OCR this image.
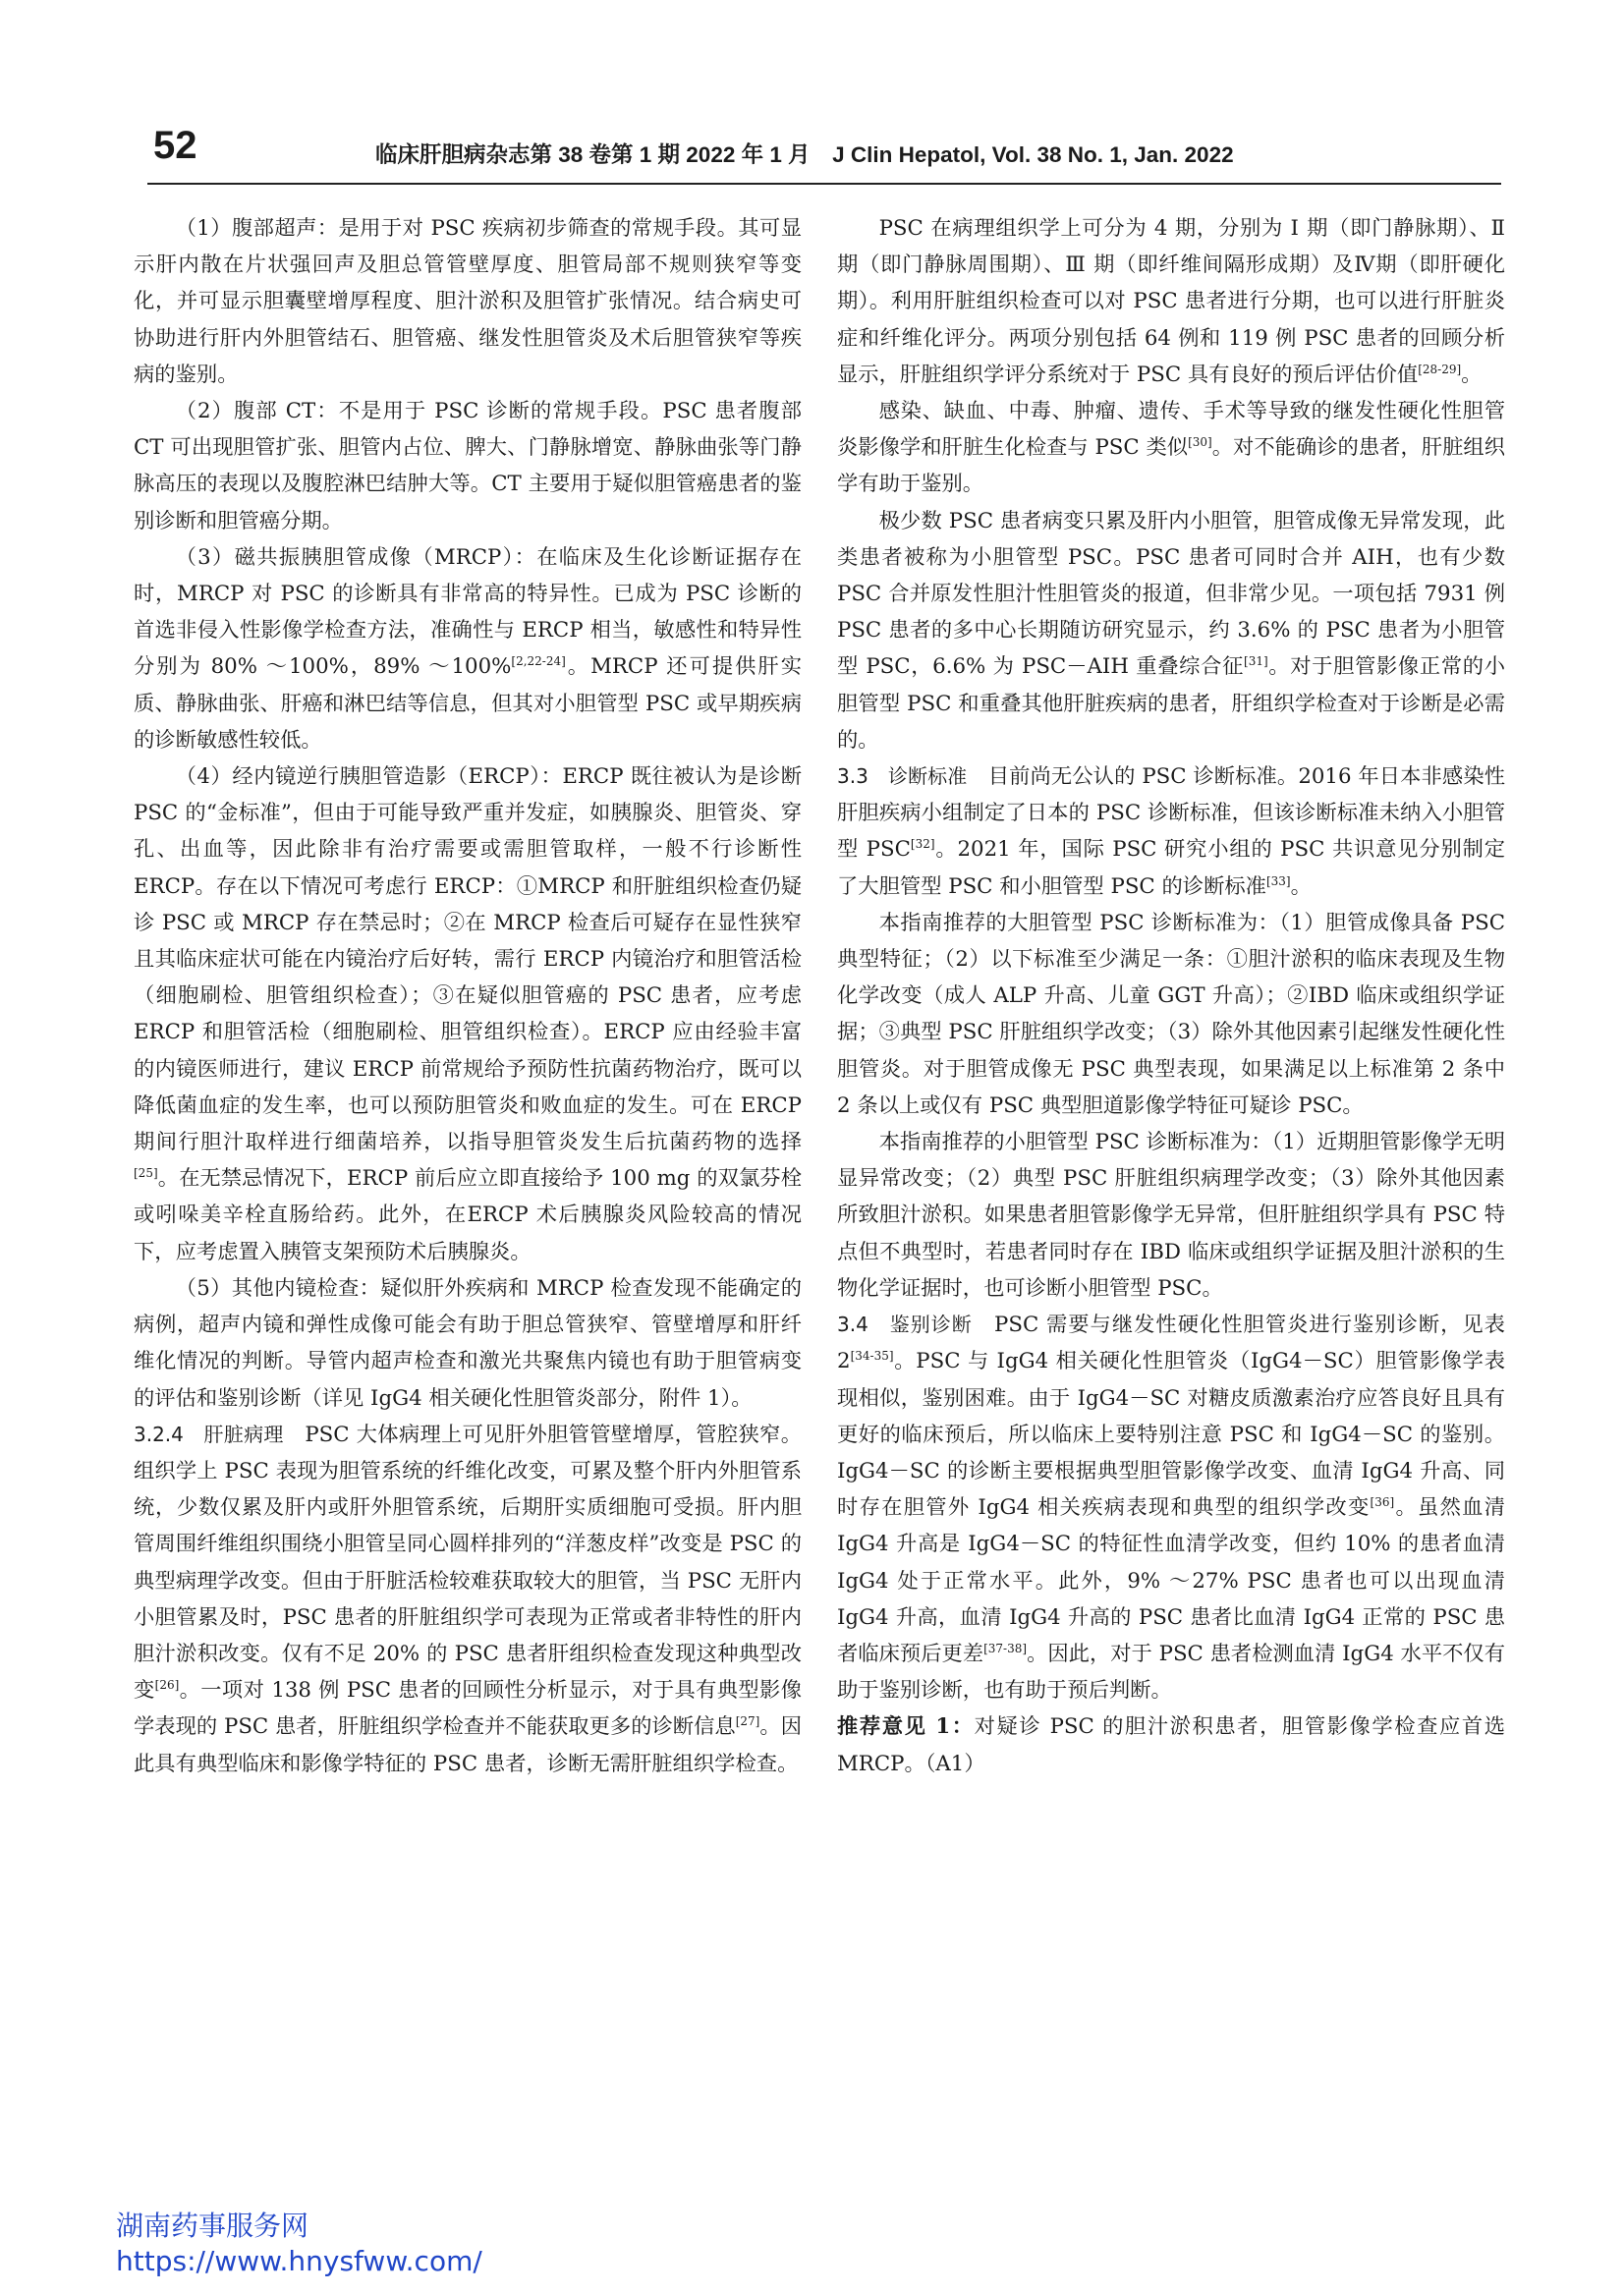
52	临床肝胆病杂志第 38 卷第 1 期 2022 年 1 月　J Clin Hepatol, Vol. 38 No. 1, Jan. 2022

（1）腹部超声：是用于对 PSC 疾病初步筛查的常规手段。其可显示肝内散在片状强回声及胆总管管壁厚度、胆管局部不规则狭窄等变化，并可显示胆囊壁增厚程度、胆汁淤积及胆管扩张情况。结合病史可协助进行肝内外胆管结石、胆管癌、继发性胆管炎及术后胆管狭窄等疾病的鉴别。

（2）腹部 CT：不是用于 PSC 诊断的常规手段。PSC 患者腹部 CT 可出现胆管扩张、胆管内占位、脾大、门静脉增宽、静脉曲张等门静脉高压的表现以及腹腔淋巴结肿大等。CT 主要用于疑似胆管癌患者的鉴别诊断和胆管癌分期。

（3）磁共振胰胆管成像（MRCP）：在临床及生化诊断证据存在时，MRCP 对 PSC 的诊断具有非常高的特异性。已成为 PSC 诊断的首选非侵入性影像学检查方法，准确性与 ERCP 相当，敏感性和特异性分别为 80% ～100%，89% ～100%[2,22-24]。MRCP 还可提供肝实质、静脉曲张、肝癌和淋巴结等信息，但其对小胆管型 PSC 或早期疾病的诊断敏感性较低。

（4）经内镜逆行胰胆管造影（ERCP）：ERCP 既往被认为是诊断 PSC 的“金标准”，但由于可能导致严重并发症，如胰腺炎、胆管炎、穿孔、出血等，因此除非有治疗需要或需胆管取样，一般不行诊断性 ERCP。存在以下情况可考虑行 ERCP：①MRCP 和肝脏组织检查仍疑诊 PSC 或 MRCP 存在禁忌时；②在 MRCP 检查后可疑存在显性狭窄且其临床症状可能在内镜治疗后好转，需行 ERCP 内镜治疗和胆管活检（细胞刷检、胆管组织检查）；③在疑似胆管癌的 PSC 患者，应考虑 ERCP 和胆管活检（细胞刷检、胆管组织检查）。ERCP 应由经验丰富的内镜医师进行，建议 ERCP 前常规给予预防性抗菌药物治疗，既可以降低菌血症的发生率，也可以预防胆管炎和败血症的发生。可在 ERCP 期间行胆汁取样进行细菌培养，以指导胆管炎发生后抗菌药物的选择[25]。在无禁忌情况下，ERCP 前后应立即直接给予 100 mg 的双氯芬栓或吲哚美辛栓直肠给药。此外，在ERCP 术后胰腺炎风险较高的情况下，应考虑置入胰管支架预防术后胰腺炎。

（5）其他内镜检查：疑似肝外疾病和 MRCP 检查发现不能确定的病例，超声内镜和弹性成像可能会有助于胆总管狭窄、管壁增厚和肝纤维化情况的判断。导管内超声检查和激光共聚焦内镜也有助于胆管病变的评估和鉴别诊断（详见 IgG4 相关硬化性胆管炎部分，附件 1）。

3.2.4　肝脏病理　PSC 大体病理上可见肝外胆管管壁增厚，管腔狭窄。组织学上 PSC 表现为胆管系统的纤维化改变，可累及整个肝内外胆管系统，少数仅累及肝内或肝外胆管系统，后期肝实质细胞可受损。肝内胆管周围纤维组织围绕小胆管呈同心圆样排列的“洋葱皮样”改变是 PSC 的典型病理学改变。但由于肝脏活检较难获取较大的胆管，当 PSC 无肝内小胆管累及时，PSC 患者的肝脏组织学可表现为正常或者非特性的肝内胆汁淤积改变。仅有不足 20% 的 PSC 患者肝组织检查发现这种典型改变[26]。一项对 138 例 PSC 患者的回顾性分析显示，对于具有典型影像学表现的 PSC 患者，肝脏组织学检查并不能获取更多的诊断信息[27]。因此具有典型临床和影像学特征的 PSC 患者，诊断无需肝脏组织学检查。

PSC 在病理组织学上可分为 4 期，分别为 Ⅰ 期（即门静脉期）、Ⅱ 期（即门静脉周围期）、Ⅲ 期（即纤维间隔形成期）及Ⅳ期（即肝硬化期）。利用肝脏组织检查可以对 PSC 患者进行分期，也可以进行肝脏炎症和纤维化评分。两项分别包括 64 例和 119 例 PSC 患者的回顾分析显示，肝脏组织学评分系统对于 PSC 具有良好的预后评估价值[28-29]。

感染、缺血、中毒、肿瘤、遗传、手术等导致的继发性硬化性胆管炎影像学和肝脏生化检查与 PSC 类似[30]。对不能确诊的患者，肝脏组织学有助于鉴别。

极少数 PSC 患者病变只累及肝内小胆管，胆管成像无异常发现，此类患者被称为小胆管型 PSC。PSC 患者可同时合并 AIH，也有少数 PSC 合并原发性胆汁性胆管炎的报道，但非常少见。一项包括 7931 例 PSC 患者的多中心长期随访研究显示，约 3.6% 的 PSC 患者为小胆管型 PSC，6.6% 为 PSC－AIH 重叠综合征[31]。对于胆管影像正常的小胆管型 PSC 和重叠其他肝脏疾病的患者，肝组织学检查对于诊断是必需的。

3.3　诊断标准　目前尚无公认的 PSC 诊断标准。2016 年日本非感染性肝胆疾病小组制定了日本的 PSC 诊断标准，但该诊断标准未纳入小胆管型 PSC[32]。2021 年，国际 PSC 研究小组的 PSC 共识意见分别制定了大胆管型 PSC 和小胆管型 PSC 的诊断标准[33]。

本指南推荐的大胆管型 PSC 诊断标准为：（1）胆管成像具备 PSC 典型特征；（2）以下标准至少满足一条：①胆汁淤积的临床表现及生物化学改变（成人 ALP 升高、儿童 GGT 升高）；②IBD 临床或组织学证据；③典型 PSC 肝脏组织学改变；（3）除外其他因素引起继发性硬化性胆管炎。对于胆管成像无 PSC 典型表现，如果满足以上标准第 2 条中 2 条以上或仅有 PSC 典型胆道影像学特征可疑诊 PSC。

本指南推荐的小胆管型 PSC 诊断标准为：（1）近期胆管影像学无明显异常改变；（2）典型 PSC 肝脏组织病理学改变；（3）除外其他因素所致胆汁淤积。如果患者胆管影像学无异常，但肝脏组织学具有 PSC 特点但不典型时，若患者同时存在 IBD 临床或组织学证据及胆汁淤积的生物化学证据时，也可诊断小胆管型 PSC。

3.4　鉴别诊断　PSC 需要与继发性硬化性胆管炎进行鉴别诊断，见表 2[34-35]。PSC 与 IgG4 相关硬化性胆管炎（IgG4－SC）胆管影像学表现相似，鉴别困难。由于 IgG4－SC 对糖皮质激素治疗应答良好且具有更好的临床预后，所以临床上要特别注意 PSC 和 IgG4－SC 的鉴别。IgG4－SC 的诊断主要根据典型胆管影像学改变、血清 IgG4 升高、同时存在胆管外 IgG4 相关疾病表现和典型的组织学改变[36]。虽然血清 IgG4 升高是 IgG4－SC 的特征性血清学改变，但约 10% 的患者血清 IgG4 处于正常水平。此外，9% ～27% PSC 患者也可以出现血清 IgG4 升高，血清 IgG4 升高的 PSC 患者比血清 IgG4 正常的 PSC 患者临床预后更差[37-38]。因此，对于 PSC 患者检测血清 IgG4 水平不仅有助于鉴别诊断，也有助于预后判断。

推荐意见 1：对疑诊 PSC 的胆汁淤积患者，胆管影像学检查应首选 MRCP。（A1）

湖南药事服务网
https://www.hnysfww.com/
